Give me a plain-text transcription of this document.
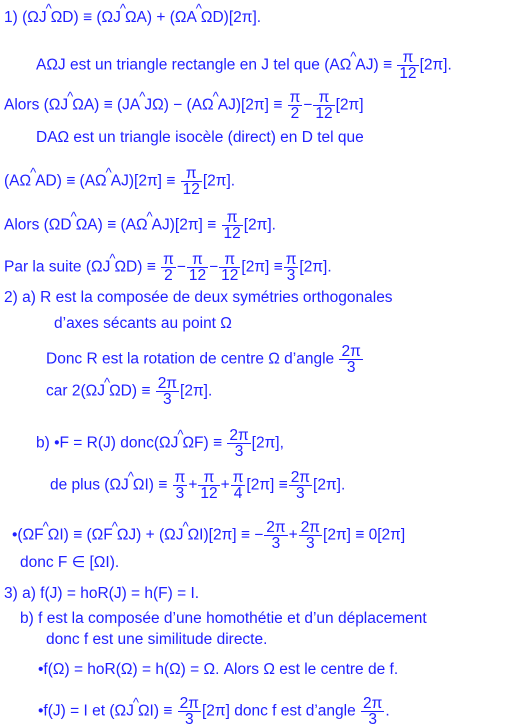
1) (ΩJ^ΩD) ≡ (ΩJ^ΩA) + (ΩA^ΩD)[2π].
AΩJ est un triangle rectangle en J tel que (AΩ^AJ) ≡ $\frac{\pi}{12} [2\pi]$.
Alors (ΩJ^ΩA) ≡ (JA^JΩ) − (AΩ^AJ)[2π] ≡ $\frac{\pi}{2} - \frac{\pi}{12} [2\pi]$
DAΩ est un triangle isocèle (direct) en D tel que
(AΩ^AD) ≡ (AΩ^AJ)[2π] ≡ $\frac{\pi}{12} [2\pi]$.
Alors (ΩD^ΩA) ≡ (AΩ^AJ)[2π] ≡ $\frac{\pi}{12} [2\pi]$.
Par la suite (ΩJ^ΩD) ≡ $\frac{\pi}{2} - \frac{\pi}{12} - \frac{\pi}{12} [2\pi] \equiv \frac{\pi}{3} [2\pi]$.
2) a) R est la composée de deux symétries orthogonales
d’axes sécants au point Ω
Donc R est la rotation de centre Ω d’angle $\frac{2\pi}{3}$
car 2(ΩJ^ΩD) ≡ $\frac{2\pi}{3} [2\pi]$.
b) •F = R(J) donc(ΩJ^ΩF) ≡ $\frac{2\pi}{3} [2\pi]$,
de plus (ΩJ^ΩI) ≡ $\frac{\pi}{3} + \frac{\pi}{12} + \frac{\pi}{4} [2\pi] \equiv \frac{2\pi}{3} [2\pi]$.
•(ΩF^ΩI) ≡ (ΩF^ΩJ) + (ΩJ^ΩI)[2π] ≡ − $\frac{2\pi}{3} + \frac{2\pi}{3} [2\pi] \equiv 0[2\pi]$
donc F ∈ [ΩI).
3) a) f(J) = hoR(J) = h(F) = I.
b) f est la composée d’une homothétie et d’un déplacement
donc f est une similitude directe.
•f(Ω) = hoR(Ω) = h(Ω) = Ω. Alors Ω est le centre de f.
•f(J) = I et (ΩJ^ΩI) ≡ $\frac{2\pi}{3} [2\pi]$ donc f est d’angle $\frac{2\pi}{3}$ .
